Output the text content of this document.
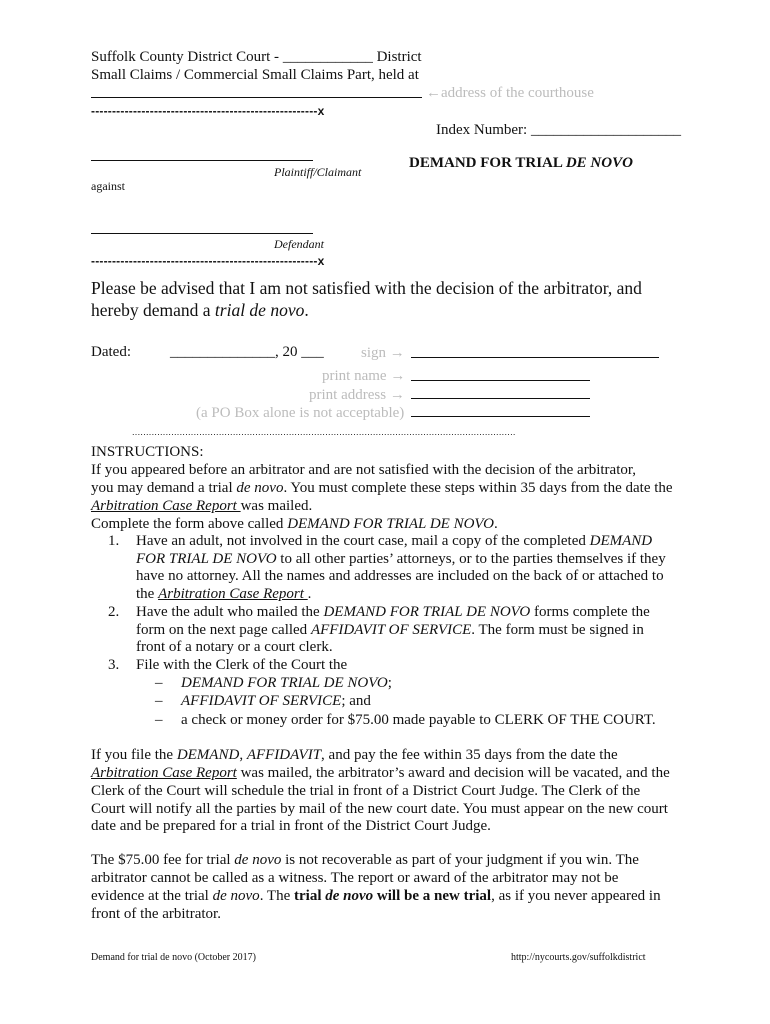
Suffolk County District Court - ____________ District
Small Claims / Commercial Small Claims Part, held at
←address of the courthouse
------------------------------------------------------x
Index Number: ____________________
Plaintiff/Claimant
DEMAND FOR TRIAL DE NOVO
against
Defendant
------------------------------------------------------x
Please be advised that I am not satisfied with the decision of the arbitrator, and
hereby demand a trial de novo.
Dated:	______________, 20 ___ sign →
print name →
print address →
(a PO Box alone is not acceptable)
.........................................................................................................................................
INSTRUCTIONS:
If you appeared before an arbitrator and are not satisfied with the decision of the arbitrator,
you may demand a trial de novo. You must complete these steps within 35 days from the date the
Arbitration Case Report was mailed.
Complete the form above called DEMAND FOR TRIAL DE NOVO.
1. Have an adult, not involved in the court case, mail a copy of the completed DEMAND
FOR TRIAL DE NOVO to all other parties’ attorneys, or to the parties themselves if they
have no attorney. All the names and addresses are included on the back of or attached to
the Arbitration Case Report .
2. Have the adult who mailed the DEMAND FOR TRIAL DE NOVO forms complete the
form on the next page called AFFIDAVIT OF SERVICE. The form must be signed in
front of a notary or a court clerk.
3. File with the Clerk of the Court the
– DEMAND FOR TRIAL DE NOVO;
– AFFIDAVIT OF SERVICE; and
– a check or money order for $75.00 made payable to CLERK OF THE COURT.
If you file the DEMAND, AFFIDAVIT, and pay the fee within 35 days from the date the
Arbitration Case Report was mailed, the arbitrator’s award and decision will be vacated, and the
Clerk of the Court will schedule the trial in front of a District Court Judge. The Clerk of the
Court will notify all the parties by mail of the new court date. You must appear on the new court
date and be prepared for a trial in front of the District Court Judge.
The $75.00 fee for trial de novo is not recoverable as part of your judgment if you win. The
arbitrator cannot be called as a witness. The report or award of the arbitrator may not be
evidence at the trial de novo. The trial de novo will be a new trial, as if you never appeared in
front of the arbitrator.
Demand for trial de novo (October 2017)	http://nycourts.gov/suffolkdistrict
